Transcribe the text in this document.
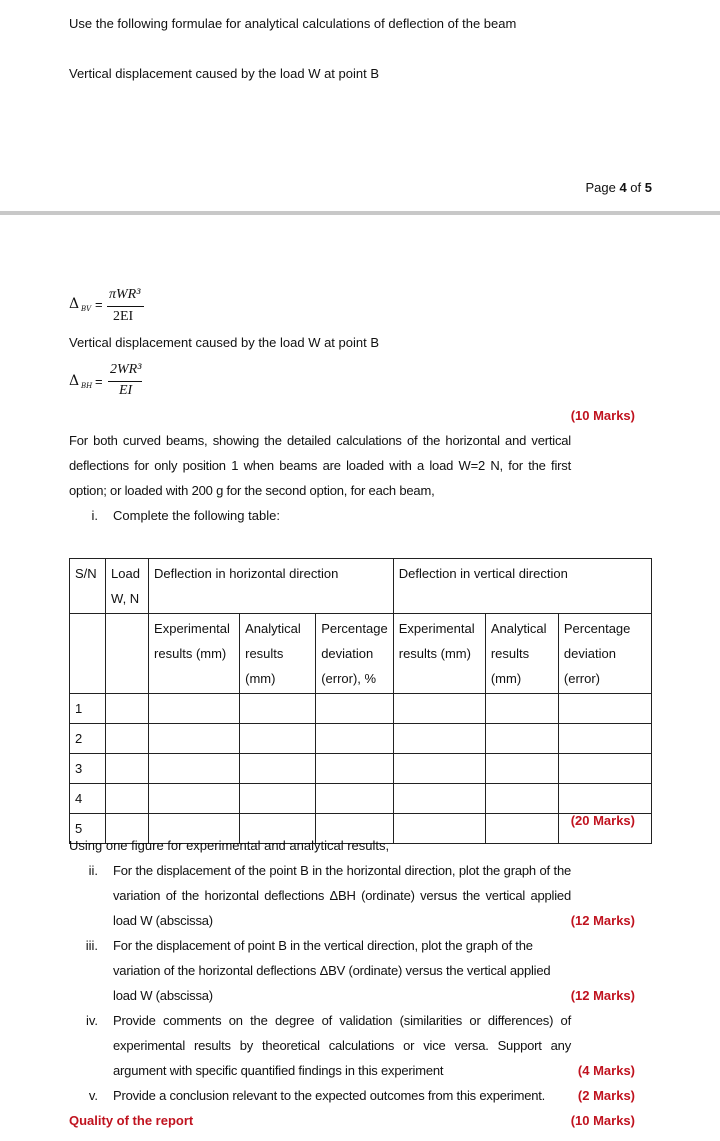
Use the following formulae for analytical calculations of deflection of the beam
Vertical displacement caused by the load W at point B
Page 4 of 5
Δ BV =
πWR³
2EI
Vertical displacement caused by the load W at point B
Δ BH =
2WR³
EI
(10 Marks)
For both curved beams, showing the detailed calculations of the horizontal and vertical deflections for only position 1 when beams are loaded with a load W=2 N, for the first option; or loaded with 200 g for the second option, for each beam,
i. Complete the following table:
S/N	Load W, N	Deflection in horizontal direction			Deflection in vertical direction		
		Experimental results (mm)	Analytical results (mm)	Percentage deviation (error), %	Experimental results (mm)	Analytical results (mm)	Percentage deviation (error)
1							
2							
3							
4							
5							
(20 Marks)
Using one figure for experimental and analytical results,
ii. For the displacement of the point B in the horizontal direction, plot the graph of the variation of the horizontal deflections ΔBH (ordinate) versus the vertical applied load W (abscissa)	(12 Marks)
iii. For the displacement of point B in the vertical direction, plot the graph of the variation of the horizontal deflections ΔBV (ordinate) versus the vertical applied load W (abscissa)	(12 Marks)
iv. Provide comments on the degree of validation (similarities or differences) of experimental results by theoretical calculations or vice versa. Support any argument with specific quantified findings in this experiment	(4 Marks)
v. Provide a conclusion relevant to the expected outcomes from this experiment.	(2 Marks)
Quality of the report	(10 Marks)
